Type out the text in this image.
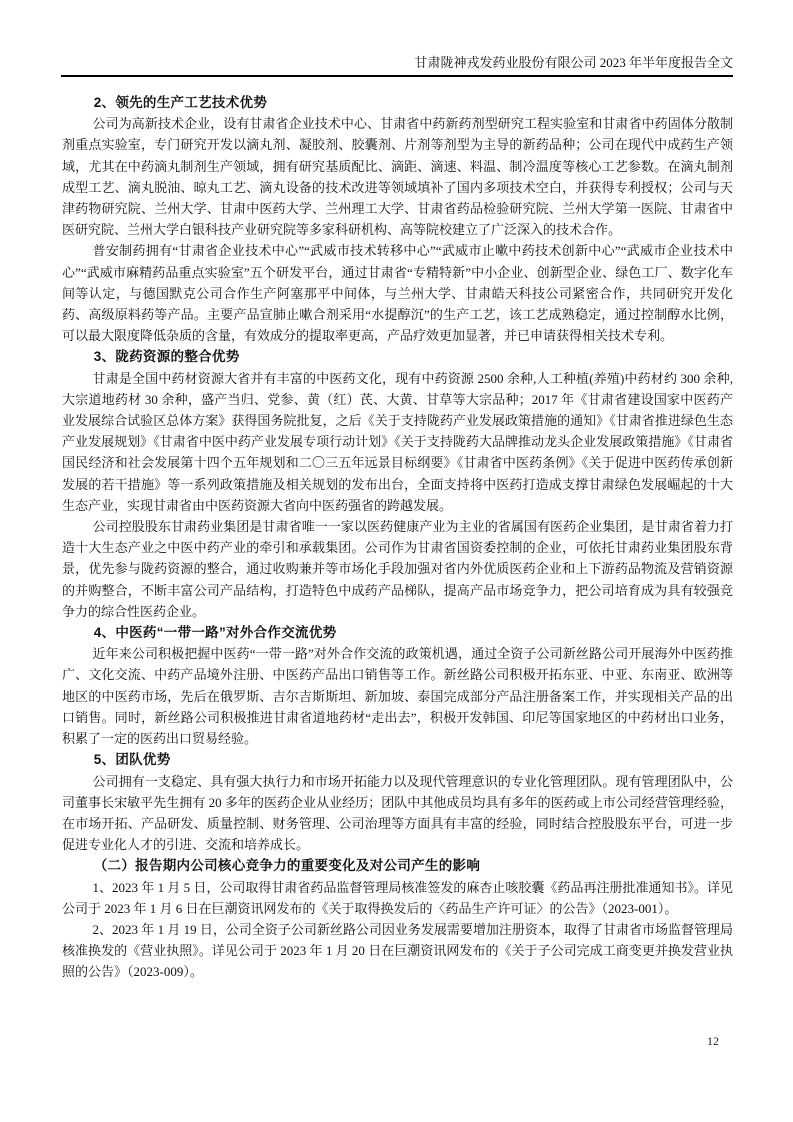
甘肃陇神戎发药业股份有限公司 2023 年半年度报告全文
2、领先的生产工艺技术优势

公司为高新技术企业，设有甘肃省企业技术中心、甘肃省中药新药剂型研究工程实验室和甘肃省中药固体分散制剂重点实验室，专门研究开发以滴丸剂、凝胶剂、胶囊剂、片剂等剂型为主导的新药品种；公司在现代中成药生产领域，尤其在中药滴丸制剂生产领域，拥有研究基质配比、滴距、滴速、料温、制冷温度等核心工艺参数。在滴丸制剂成型工艺、滴丸脱油、晾丸工艺、滴丸设备的技术改进等领域填补了国内多项技术空白，并获得专利授权；公司与天津药物研究院、兰州大学、甘肃中医药大学、兰州理工大学、甘肃省药品检验研究院、兰州大学第一医院、甘肃省中医研究院、兰州大学白银科技产业研究院等多家科研机构、高等院校建立了广泛深入的技术合作。

普安制药拥有“甘肃省企业技术中心”“武威市技术转移中心”“武威市止嗽中药技术创新中心”“武威市企业技术中心”“武威市麻精药品重点实验室”五个研发平台，通过甘肃省“专精特新”中小企业、创新型企业、绿色工厂、数字化车间等认定，与德国默克公司合作生产阿塞那平中间体，与兰州大学、甘肃皓天科技公司紧密合作，共同研究开发化药、高级原料药等产品。主要产品宣肺止嗽合剂采用“水提醇沉”的生产工艺，该工艺成熟稳定，通过控制醇水比例，可以最大限度降低杂质的含量，有效成分的提取率更高，产品疗效更加显著，并已申请获得相关技术专利。

3、陇药资源的整合优势

甘肃是全国中药材资源大省并有丰富的中医药文化，现有中药资源 2500 余种,人工种植(养殖)中药材约 300 余种,大宗道地药材 30 余种，盛产当归、党参、黄（红）芪、大黄、甘草等大宗品种；2017 年《甘肃省建设国家中医药产业发展综合试验区总体方案》获得国务院批复，之后《关于支持陇药产业发展政策措施的通知》《甘肃省推进绿色生态产业发展规划》《甘肃省中医中药产业发展专项行动计划》《关于支持陇药大品牌推动龙头企业发展政策措施》《甘肃省国民经济和社会发展第十四个五年规划和二〇三五年远景目标纲要》《甘肃省中医药条例》《关于促进中医药传承创新发展的若干措施》等一系列政策措施及相关规划的发布出台，全面支持将中医药打造成支撑甘肃绿色发展崛起的十大生态产业，实现甘肃省由中医药资源大省向中医药强省的跨越发展。

公司控股股东甘肃药业集团是甘肃省唯一一家以医药健康产业为主业的省属国有医药企业集团，是甘肃省着力打造十大生态产业之中医中药产业的牵引和承载集团。公司作为甘肃省国资委控制的企业，可依托甘肃药业集团股东背景，优先参与陇药资源的整合，通过收购兼并等市场化手段加强对省内外优质医药企业和上下游药品物流及营销资源的并购整合，不断丰富公司产品结构，打造特色中成药产品梯队，提高产品市场竞争力，把公司培育成为具有较强竞争力的综合性医药企业。

4、中医药“一带一路”对外合作交流优势

近年来公司积极把握中医药“一带一路”对外合作交流的政策机遇，通过全资子公司新丝路公司开展海外中医药推广、文化交流、中药产品境外注册、中医药产品出口销售等工作。新丝路公司积极开拓东亚、中亚、东南亚、欧洲等地区的中医药市场，先后在俄罗斯、吉尔吉斯斯坦、新加坡、泰国完成部分产品注册备案工作，并实现相关产品的出口销售。同时，新丝路公司积极推进甘肃省道地药材“走出去”，积极开发韩国、印尼等国家地区的中药材出口业务，积累了一定的医药出口贸易经验。

5、团队优势

公司拥有一支稳定、具有强大执行力和市场开拓能力以及现代管理意识的专业化管理团队。现有管理团队中，公司董事长宋敏平先生拥有 20 多年的医药企业从业经历；团队中其他成员均具有多年的医药或上市公司经营管理经验，在市场开拓、产品研发、质量控制、财务管理、公司治理等方面具有丰富的经验，同时结合控股股东平台，可进一步促进专业化人才的引进、交流和培养成长。

（二）报告期内公司核心竞争力的重要变化及对公司产生的影响

1、2023 年 1 月 5 日，公司取得甘肃省药品监督管理局核准签发的麻杏止咳胶囊《药品再注册批准通知书》。详见公司于 2023 年 1 月 6 日在巨潮资讯网发布的《关于取得换发后的〈药品生产许可证〉的公告》（2023-001）。

2、2023 年 1 月 19 日，公司全资子公司新丝路公司因业务发展需要增加注册资本，取得了甘肃省市场监督管理局核准换发的《营业执照》。详见公司于 2023 年 1 月 20 日在巨潮资讯网发布的《关于子公司完成工商变更并换发营业执照的公告》（2023-009）。

12
